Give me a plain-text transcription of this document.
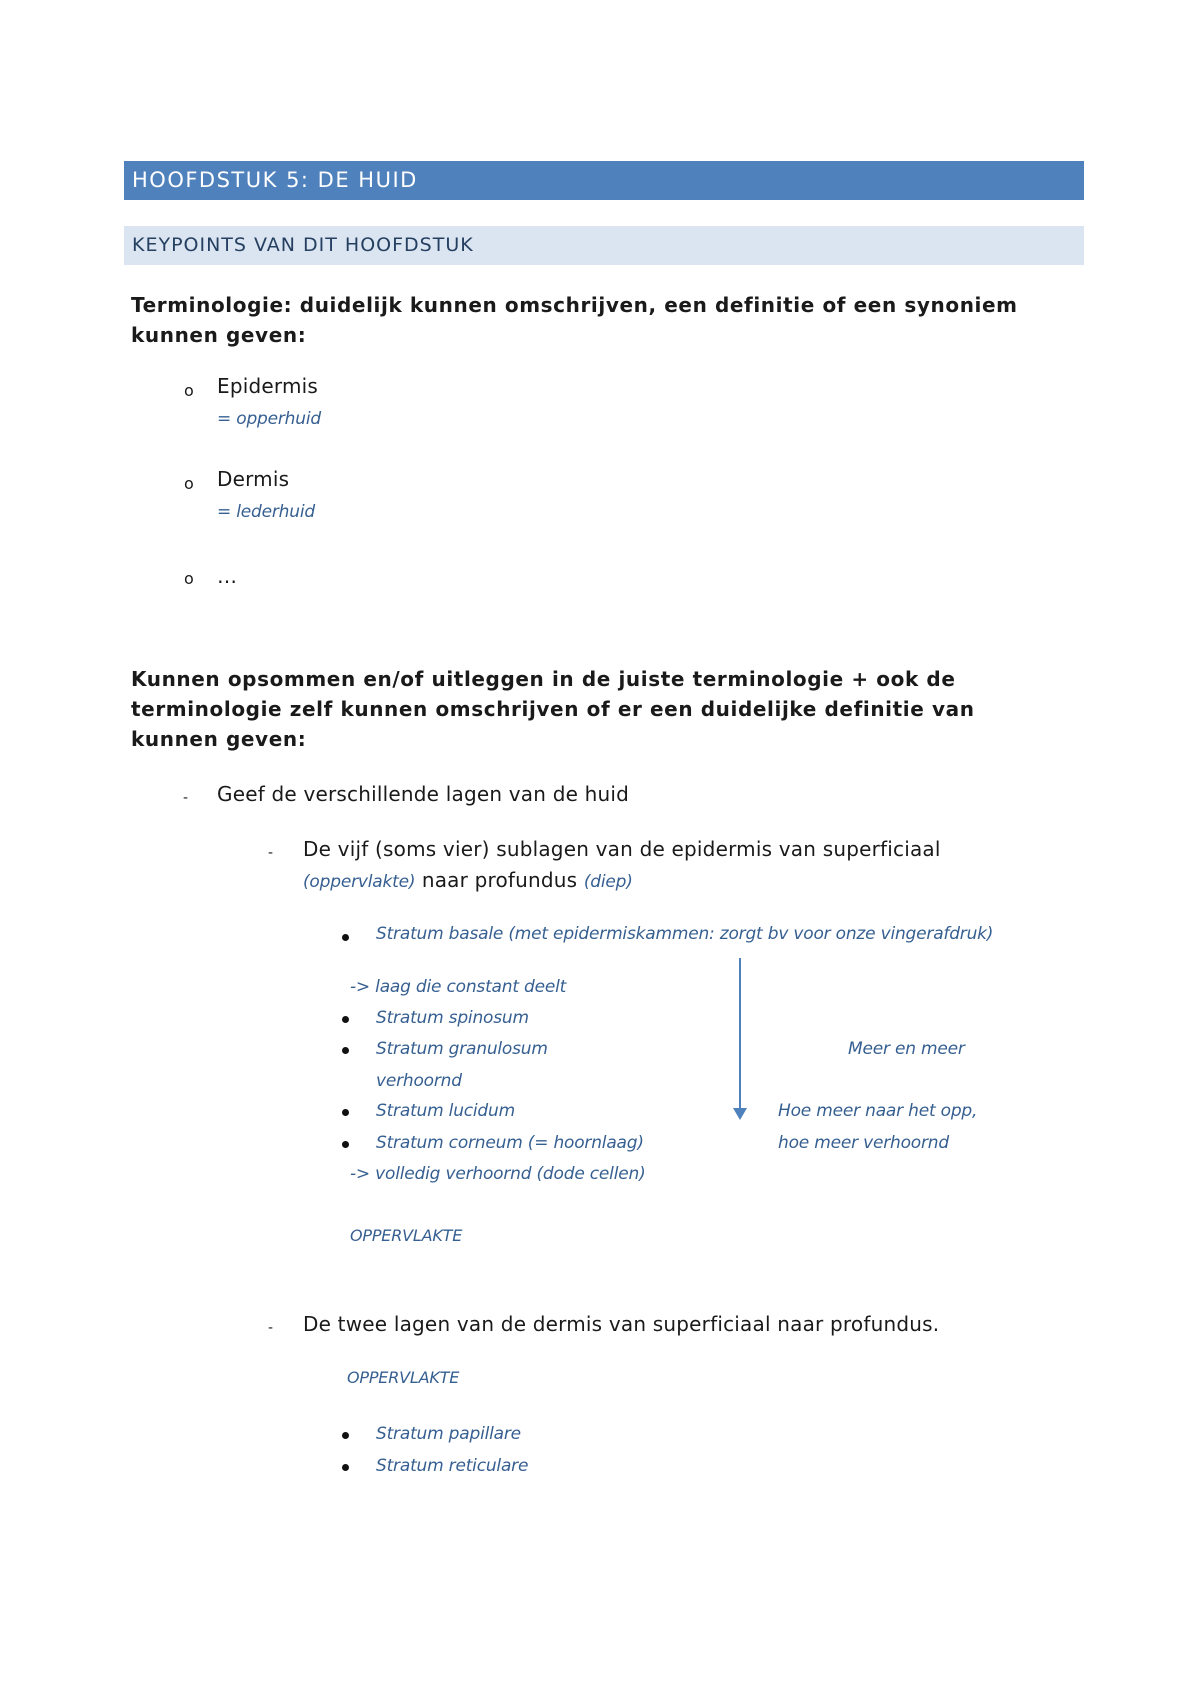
HOOFDSTUK 5: DE HUID
KEYPOINTS VAN DIT HOOFDSTUK
Terminologie: duidelijk kunnen omschrijven, een definitie of een synoniem
kunnen geven:
o Epidermis
= opperhuid
o Dermis
= lederhuid
o …
Kunnen opsommen en/of uitleggen in de juiste terminologie + ook de
terminologie zelf kunnen omschrijven of er een duidelijke definitie van
kunnen geven:
- Geef de verschillende lagen van de huid
- De vijf (soms vier) sublagen van de epidermis van superficiaal
(oppervlakte) naar profundus (diep)
Stratum basale (met epidermiskammen: zorgt bv voor onze vingerafdruk)
-> laag die constant deelt
Stratum spinosum
Stratum granulosum
verhoornd
Stratum lucidum
Stratum corneum (= hoornlaag)
-> volledig verhoornd (dode cellen)
Meer en meer
Hoe meer naar het opp,
hoe meer verhoornd
OPPERVLAKTE
- De twee lagen van de dermis van superficiaal naar profundus.
OPPERVLAKTE
Stratum papillare
Stratum reticulare
